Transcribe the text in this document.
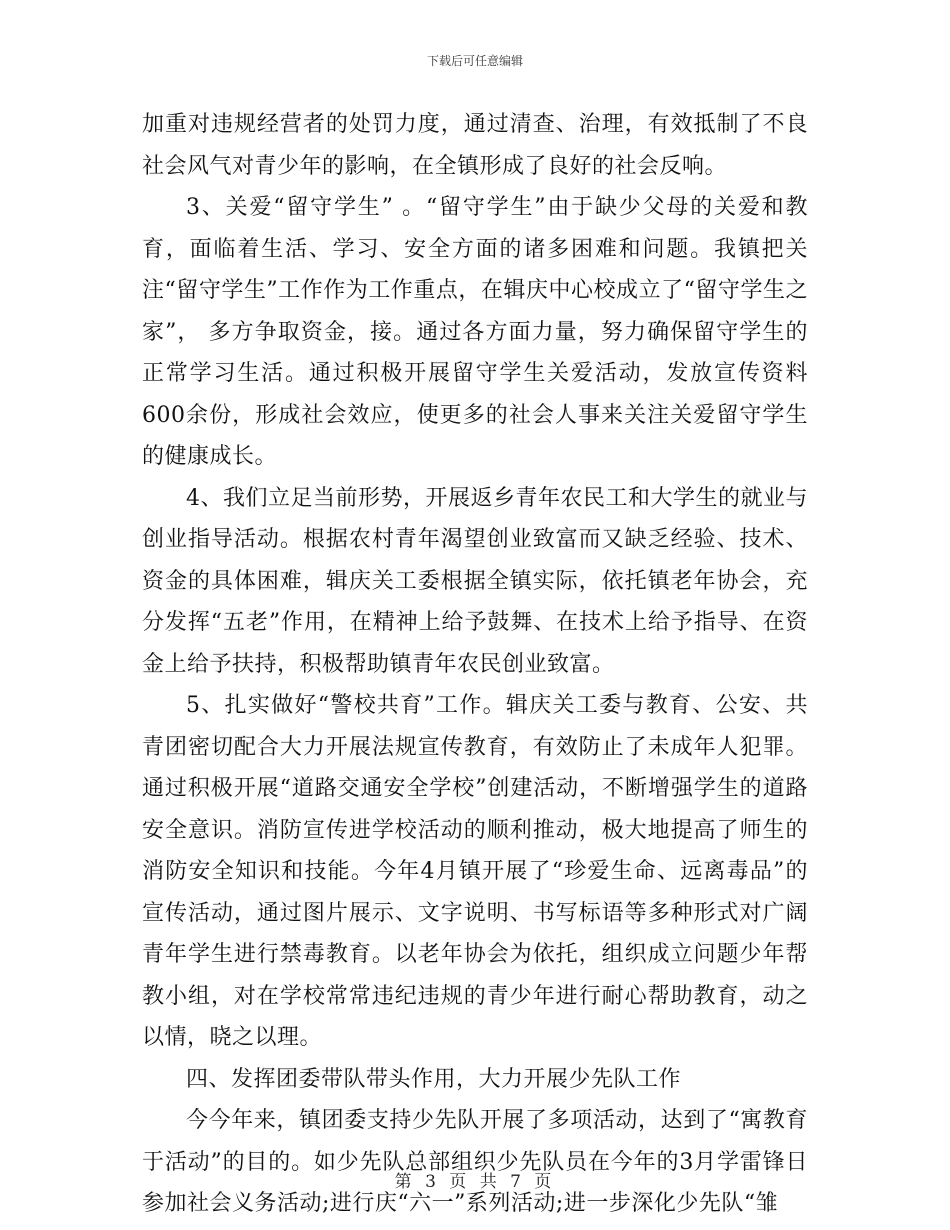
下载后可任意编辑

加重对违规经营者的处罚力度，通过清查、治理，有效抵制了不良社会风气对青少年的影响，在全镇形成了良好的社会反响。

3、关爱“留守学生” 。“留守学生”由于缺少父母的关爱和教育，面临着生活、学习、安全方面的诸多困难和问题。我镇把关注“留守学生”工作作为工作重点，在辑庆中心校成立了“留守学生之家”， 多方争取资金，接。通过各方面力量，努力确保留守学生的正常学习生活。通过积极开展留守学生关爱活动，发放宣传资料600余份，形成社会效应，使更多的社会人事来关注关爱留守学生的健康成长。

4、我们立足当前形势，开展返乡青年农民工和大学生的就业与创业指导活动。根据农村青年渴望创业致富而又缺乏经验、技术、资金的具体困难，辑庆关工委根据全镇实际，依托镇老年协会，充分发挥“五老”作用，在精神上给予鼓舞、在技术上给予指导、在资金上给予扶持，积极帮助镇青年农民创业致富。

5、扎实做好“警校共育”工作。辑庆关工委与教育、公安、共青团密切配合大力开展法规宣传教育，有效防止了未成年人犯罪。通过积极开展“道路交通安全学校”创建活动，不断增强学生的道路安全意识。消防宣传进学校活动的顺利推动，极大地提高了师生的消防安全知识和技能。今年4月镇开展了“珍爱生命、远离毒品”的宣传活动，通过图片展示、文字说明、书写标语等多种形式对广阔青年学生进行禁毒教育。以老年协会为依托，组织成立问题少年帮教小组，对在学校常常违纪违规的青少年进行耐心帮助教育，动之以情，晓之以理。

四、发挥团委带队带头作用，大力开展少先队工作

今今年来，镇团委支持少先队开展了多项活动，达到了“寓教育于活动”的目的。如少先队总部组织少先队员在今年的3月学雷锋日参加社会义务活动;进行庆“六一”系列活动;进一步深化少先队“雏

第 3 页 共 7 页
